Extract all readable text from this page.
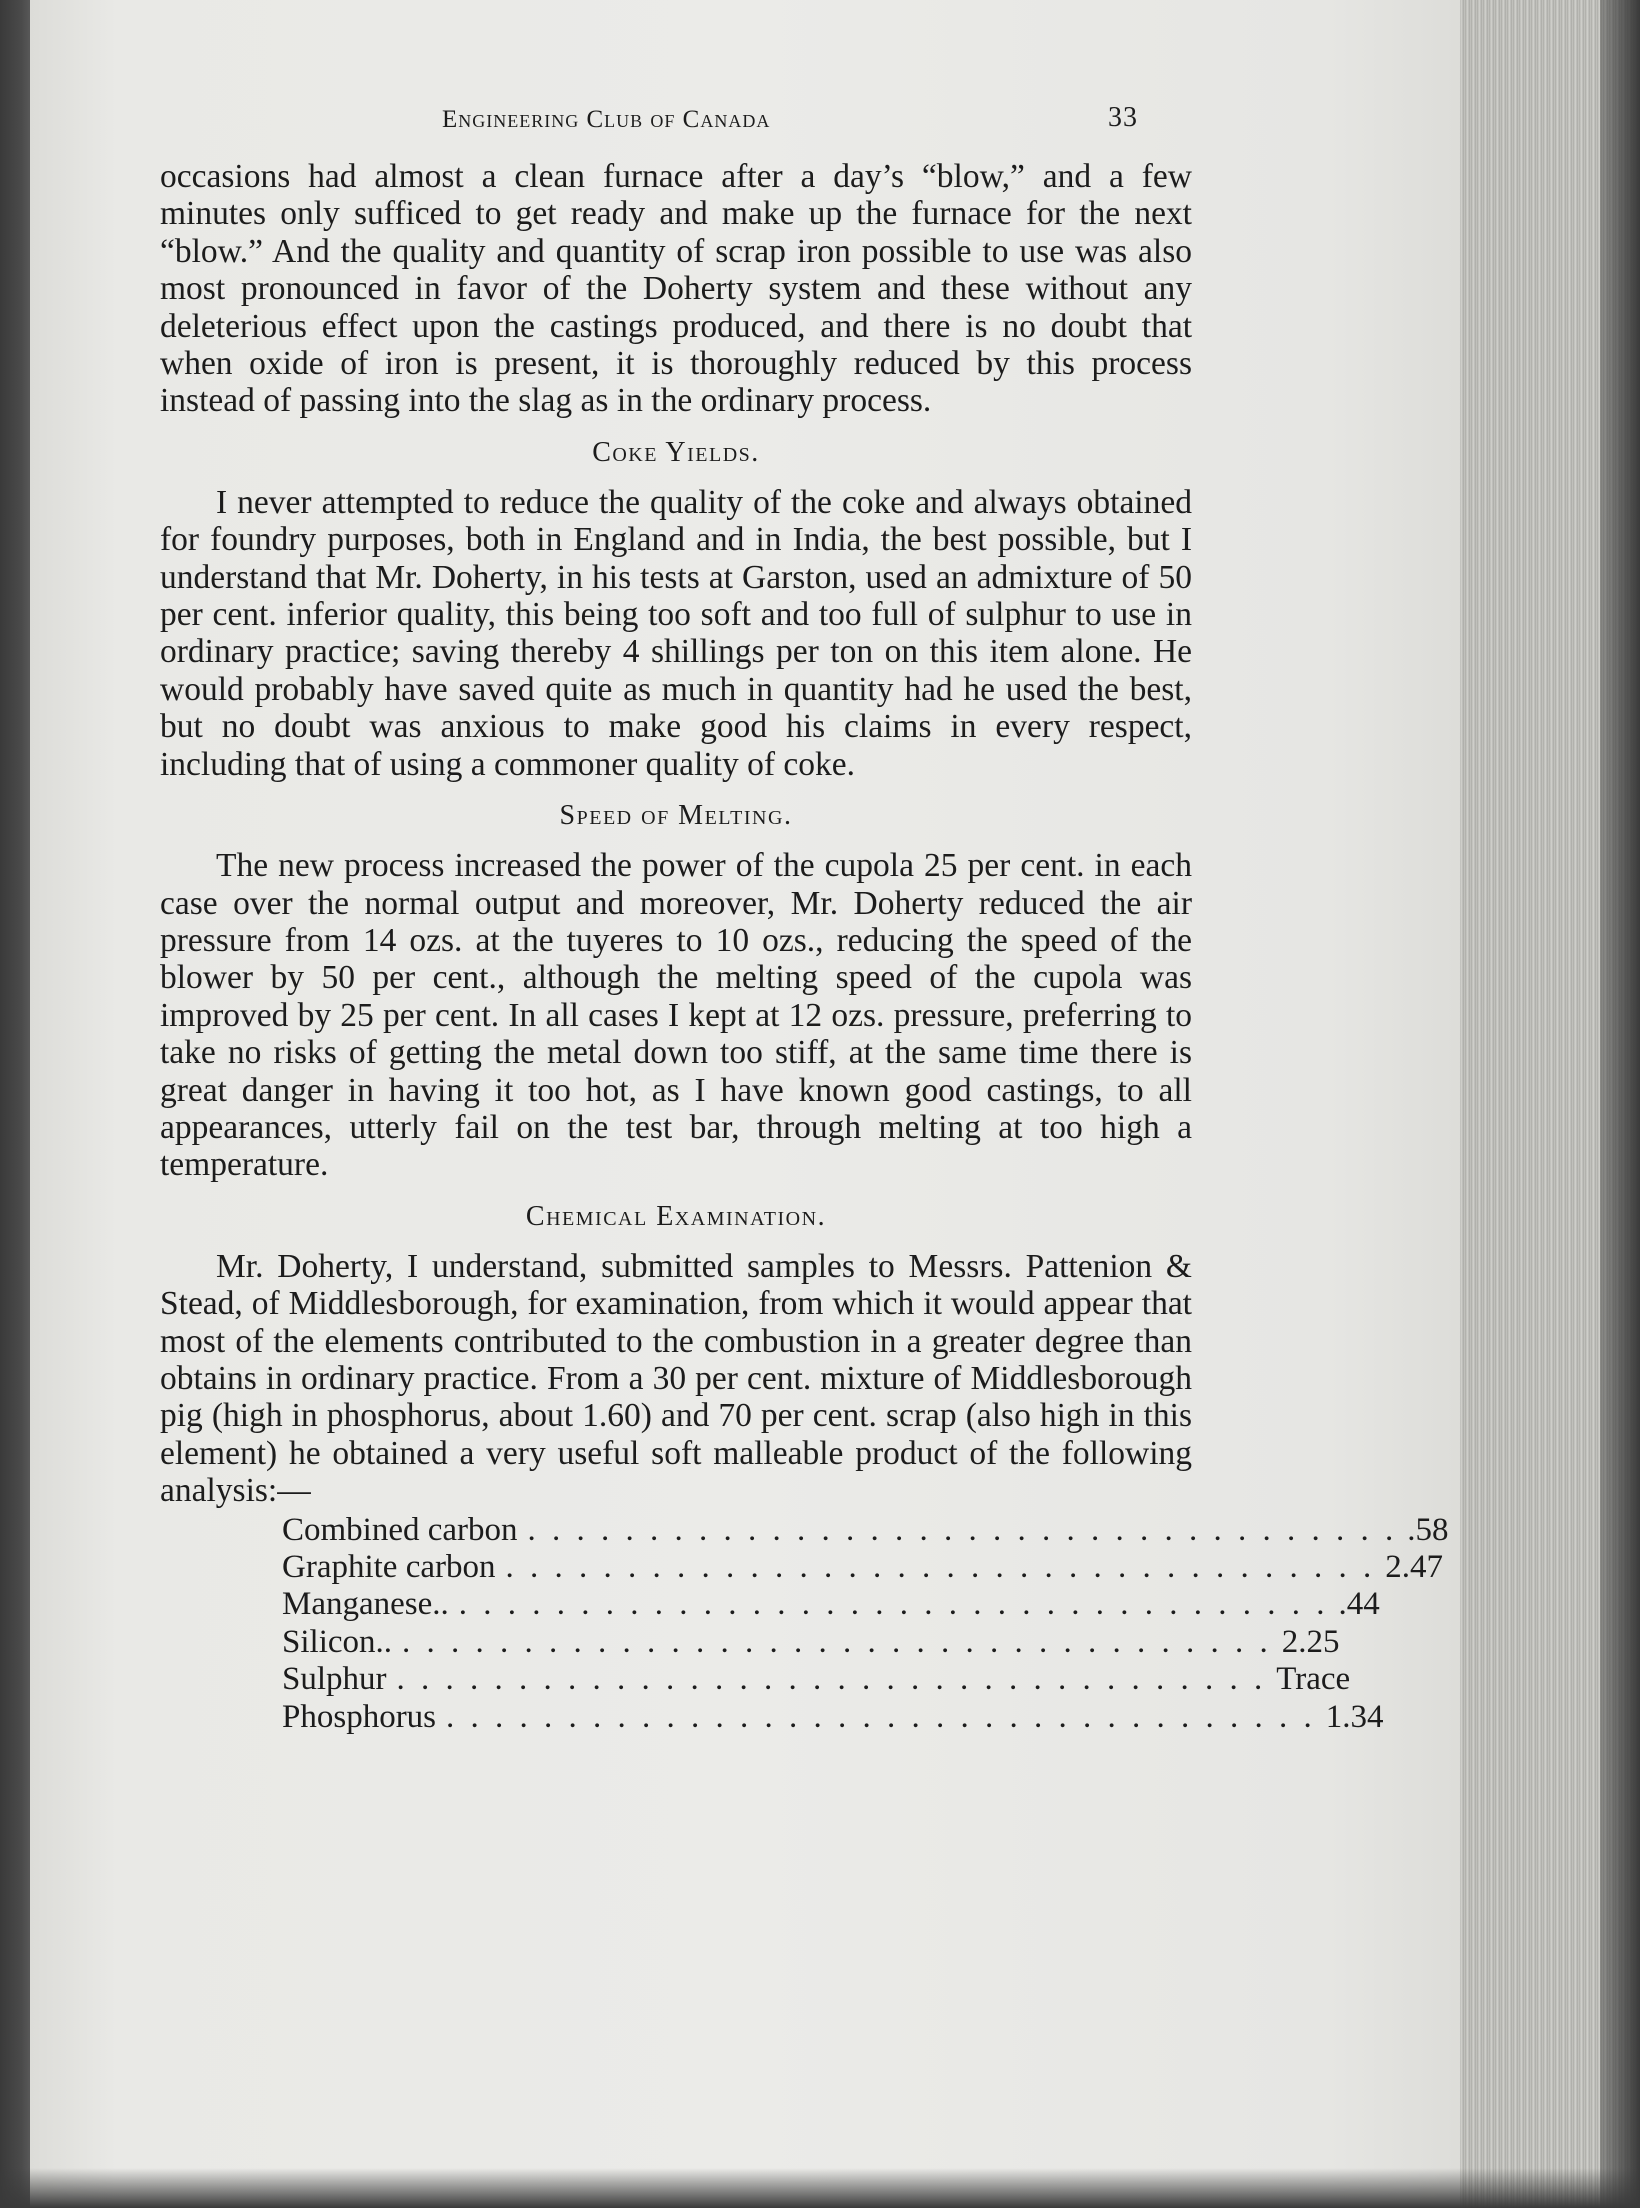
Engineering Club of Canada	33

occasions had almost a clean furnace after a day’s “blow,” and a few minutes only sufficed to get ready and make up the furnace for the next “blow.” And the quality and quantity of scrap iron possible to use was also most pronounced in favor of the Doherty system and these without any deleterious effect upon the castings produced, and there is no doubt that when oxide of iron is present, it is thoroughly reduced by this process instead of passing into the slag as in the ordinary process.

Coke Yields.

I never attempted to reduce the quality of the coke and always obtained for foundry purposes, both in England and in India, the best possible, but I understand that Mr. Doherty, in his tests at Garston, used an admixture of 50 per cent. inferior quality, this being too soft and too full of sulphur to use in ordinary practice; saving thereby 4 shillings per ton on this item alone. He would probably have saved quite as much in quantity had he used the best, but no doubt was anxious to make good his claims in every respect, including that of using a commoner quality of coke.

Speed of Melting.

The new process increased the power of the cupola 25 per cent. in each case over the normal output and moreover, Mr. Doherty reduced the air pressure from 14 ozs. at the tuyeres to 10 ozs., reducing the speed of the blower by 50 per cent., although the melting speed of the cupola was improved by 25 per cent. In all cases I kept at 12 ozs. pressure, preferring to take no risks of getting the metal down too stiff, at the same time there is great danger in having it too hot, as I have known good castings, to all appearances, utterly fail on the test bar, through melting at too high a temperature.

Chemical Examination.

Mr. Doherty, I understand, submitted samples to Messrs. Pattenion & Stead, of Middlesborough, for examination, from which it would appear that most of the elements contributed to the combustion in a greater degree than obtains in ordinary practice. From a 30 per cent. mixture of Middlesborough pig (high in phosphorus, about 1.60) and 70 per cent. scrap (also high in this element) he obtained a very useful soft malleable product of the following analysis:—

Combined carbon . . . . . . . . . . . . . . . . . . . . . . . . . . . . . . . . . . . . .58
Graphite carbon . . . . . . . . . . . . . . . . . . . . . . . . . . . . . . . . . . . . 2.47
Manganese.. . . . . . . . . . . . . . . . . . . . . . . . . . . . . . . . . . . . . .44
Silicon.. . . . . . . . . . . . . . . . . . . . . . . . . . . . . . . . . . . . . 2.25
Sulphur . . . . . . . . . . . . . . . . . . . . . . . . . . . . . . . . . . . . Trace
Phosphorus . . . . . . . . . . . . . . . . . . . . . . . . . . . . . . . . . . . . 1.34
